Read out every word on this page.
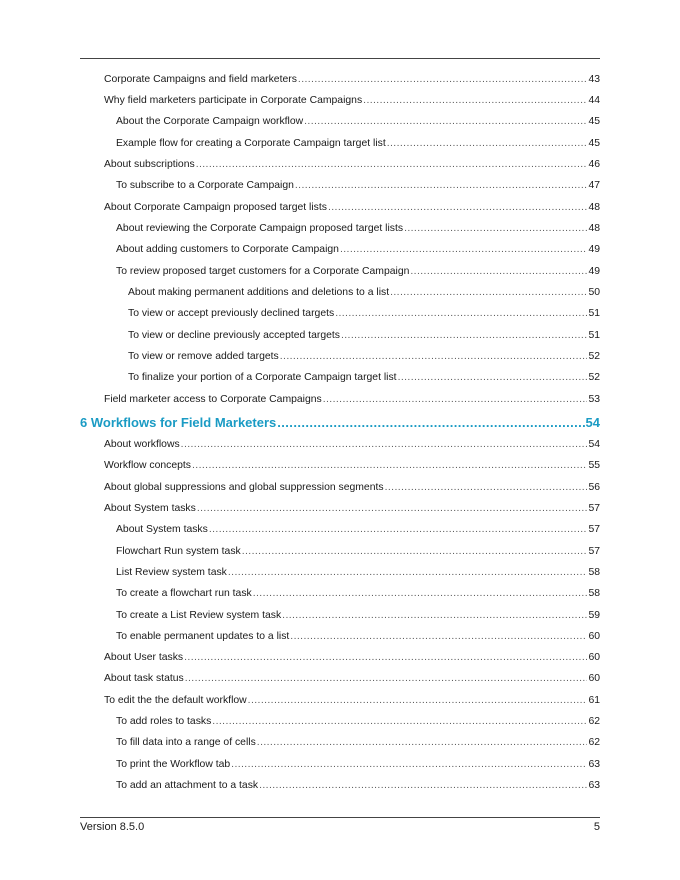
Corporate Campaigns and field marketers .....	43
Why field marketers participate in Corporate Campaigns .....	44
About the Corporate Campaign workflow .....	45
Example flow for creating a Corporate Campaign target list .....	45
About subscriptions .....	46
To subscribe to a Corporate Campaign .....	47
About Corporate Campaign proposed target lists .....	48
About reviewing the Corporate Campaign proposed target lists .....	48
About adding customers to Corporate Campaign .....	49
To review proposed target customers for a Corporate Campaign .....	49
About making permanent additions and deletions to a list .....	50
To view or accept previously declined targets .....	51
To view or decline previously accepted targets .....	51
To view or remove added targets .....	52
To finalize your portion of a Corporate Campaign target list .....	52
Field marketer access to Corporate Campaigns .....	53
6 Workflows for Field Marketers .....	54
About workflows .....	54
Workflow concepts .....	55
About global suppressions and global suppression segments .....	56
About System tasks .....	57
About System tasks .....	57
Flowchart Run system task .....	57
List Review system task .....	58
To create a flowchart run task .....	58
To create a List Review system task .....	59
To enable permanent updates to a list .....	60
About User tasks .....	60
About task status .....	60
To edit the the default workflow .....	61
To add roles to tasks .....	62
To fill data into a range of cells .....	62
To print the Workflow tab .....	63
To add an attachment to a task .....	63
Version 8.5.0	5
